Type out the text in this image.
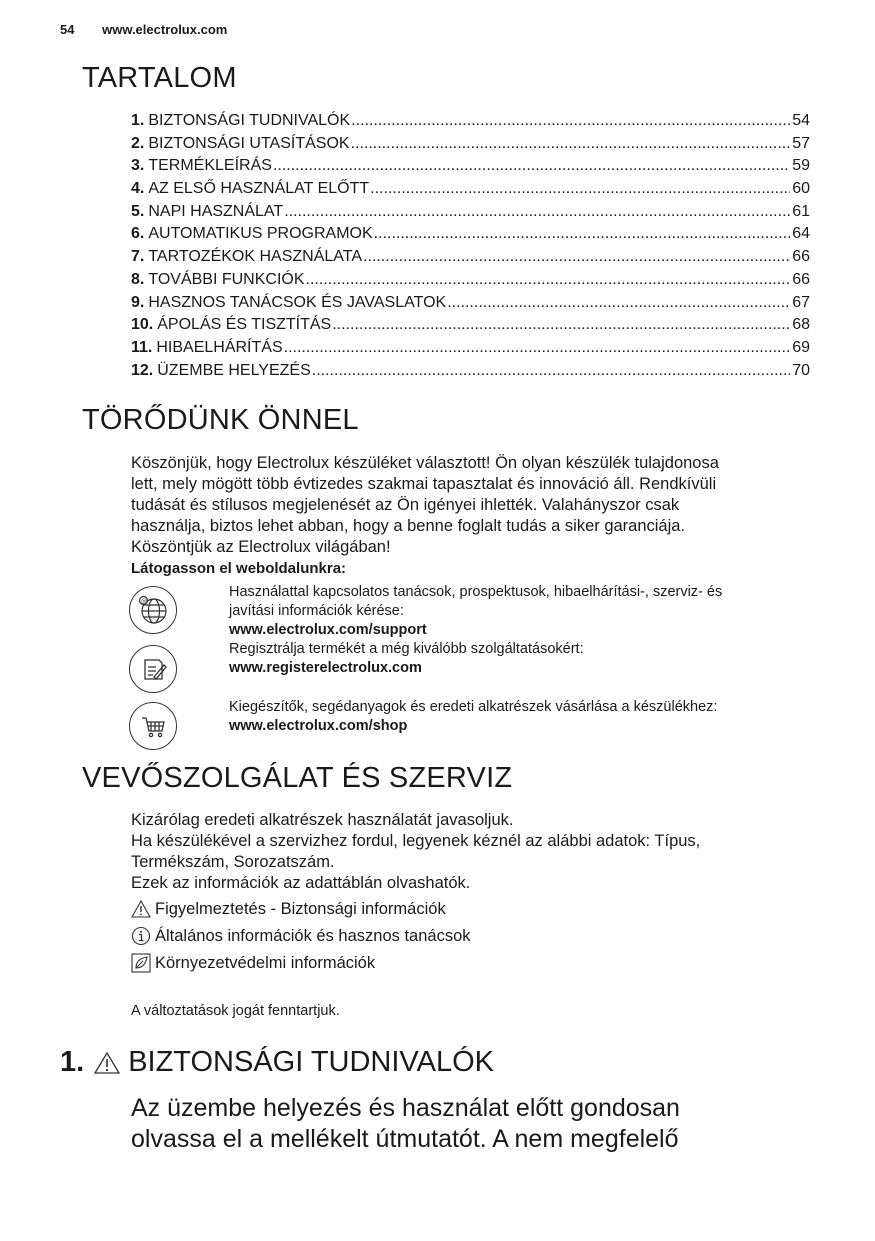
54 www.electrolux.com
TARTALOM
1. BIZTONSÁGI TUDNIVALÓK .....	54
2. BIZTONSÁGI UTASÍTÁSOK .....	57
3. TERMÉKLEÍRÁS .....	59
4. AZ ELSŐ HASZNÁLAT ELŐTT .....	60
5. NAPI HASZNÁLAT .....	61
6. AUTOMATIKUS PROGRAMOK .....	64
7. TARTOZÉKOK HASZNÁLATA .....	66
8. TOVÁBBI FUNKCIÓK .....	66
9. HASZNOS TANÁCSOK ÉS JAVASLATOK .....	67
10. ÁPOLÁS ÉS TISZTÍTÁS .....	68
11. HIBAELHÁRÍTÁS .....	69
12. ÜZEMBE HELYEZÉS .....	70
TÖRŐDÜNK ÖNNEL

Köszönjük, hogy Electrolux készüléket választott! Ön olyan készülék tulajdonosa

lett, mely mögött több évtizedes szakmai tapasztalat és innováció áll. Rendkívüli

tudását és stílusos megjelenését az Ön igényei ihlették. Valahányszor csak

használja, biztos lehet abban, hogy a benne foglalt tudás a siker garanciája.

Köszöntjük az Electrolux világában!

Látogasson el weboldalunkra:

@
Használattal kapcsolatos tanácsok, prospektusok, hibaelhárítási-, szerviz- és
javítási információk kérése:
www.electrolux.com/support
Regisztrálja termékét a még kiválóbb szolgáltatásokért:
www.registerelectrolux.com
Kiegészítők, segédanyagok és eredeti alkatrészek vásárlása a készülékhez:
www.electrolux.com/shop
VEVŐSZOLGÁLAT ÉS SZERVIZ

Kizárólag eredeti alkatrészek használatát javasoljuk.

Ha készülékével a szervizhez fordul, legyenek kéznél az alábbi adatok: Típus,

Termékszám, Sorozatszám.

Ezek az információk az adattáblán olvashatók.

Figyelmeztetés - Biztonsági információk
Általános információk és hasznos tanácsok
Környezetvédelmi információk
A változtatások jogát fenntartjuk.
1. BIZTONSÁGI TUDNIVALÓK
Az üzembe helyezés és használat előtt gondosan
olvassa el a mellékelt útmutatót. A nem megfelelő
